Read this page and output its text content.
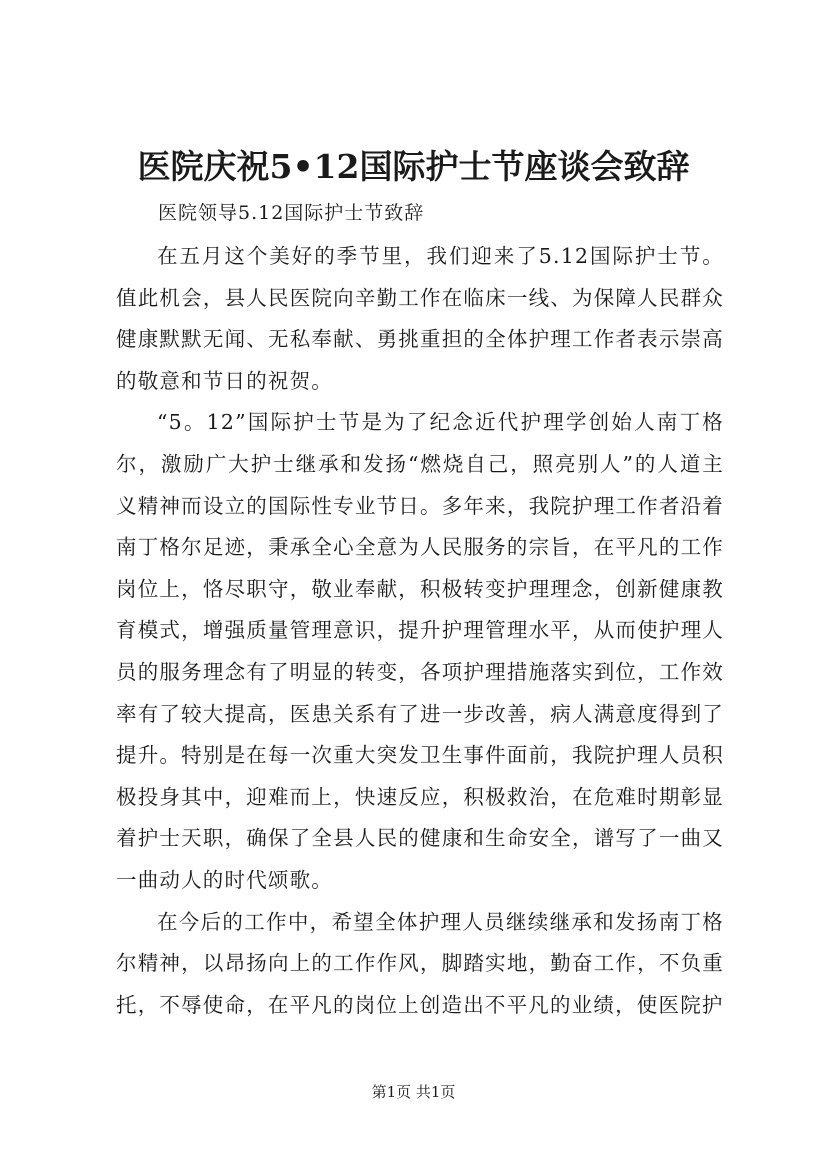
医院庆祝5•12国际护士节座谈会致辞
医院领导5.12国际护士节致辞

在五月这个美好的季节里，我们迎来了5.12国际护士节。值此机会，县人民医院向辛勤工作在临床一线、为保障人民群众健康默默无闻、无私奉献、勇挑重担的全体护理工作者表示崇高的敬意和节日的祝贺。

“5。12”国际护士节是为了纪念近代护理学创始人南丁格尔，激励广大护士继承和发扬“燃烧自己，照亮别人”的人道主义精神而设立的国际性专业节日。多年来，我院护理工作者沿着南丁格尔足迹，秉承全心全意为人民服务的宗旨，在平凡的工作岗位上，恪尽职守，敬业奉献，积极转变护理理念，创新健康教育模式，增强质量管理意识，提升护理管理水平，从而使护理人员的服务理念有了明显的转变，各项护理措施落实到位，工作效率有了较大提高，医患关系有了进一步改善，病人满意度得到了提升。特别是在每一次重大突发卫生事件面前，我院护理人员积极投身其中，迎难而上，快速反应，积极救治，在危难时期彰显着护士天职，确保了全县人民的健康和生命安全，谱写了一曲又一曲动人的时代颂歌。

在今后的工作中，希望全体护理人员继续继承和发扬南丁格尔精神，以昂扬向上的工作作风，脚踏实地，勤奋工作，不负重托，不辱使命，在平凡的岗位上创造出不平凡的业绩，使医院护

第1页 共1页
